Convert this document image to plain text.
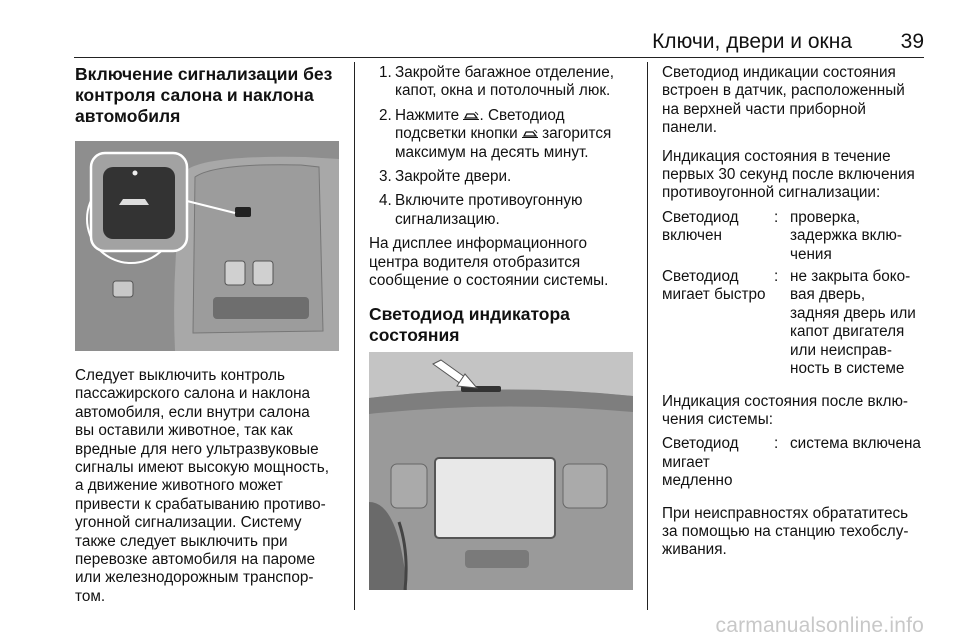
Ключи, двери и окна 39
Включение сигнализации без
контроля салона и наклона
автомобиля

Следует выключить контроль
пассажирского салона и наклона
автомобиля, если внутри салона
вы оставили животное, так как
вредные для него ультразвуковые
сигналы имеют высокую мощность,
а движение животного может
привести к срабатыванию противо-
угонной сигнализации. Систему
также следует выключить при
перевозке автомобиля на пароме
или железнодорожным транспор-
том.

1. Закройте багажное отделение,
капот, окна и потолочный люк.
2. Нажмите . Светодиод
подсветки кнопки загорится
максимум на десять минут.
3. Закройте двери.
4. Включите противоугонную
сигнализацию.

На дисплее информационного
центра водителя отобразится
сообщение о состоянии системы.

Светодиод индикатора
состояния

Светодиод индикации состояния
встроен в датчик, расположенный
на верхней части приборной
панели.

Индикация состояния в течение
первых 30 секунд после включения
противоугонной сигнализации:

Светодиод
включен
: проверка,
задержка вклю-
чения
Светодиод
мигает быстро
: не закрыта боко-
вая дверь,
задняя дверь или
капот двигателя
или неисправ-
ность в системе

Индикация состояния после вклю-
чения системы:

Светодиод
мигает
медленно
: система включена

При неисправностях обрататитесь
за помощью на станцию техобслу-
живания.

carmanualsonline.info
